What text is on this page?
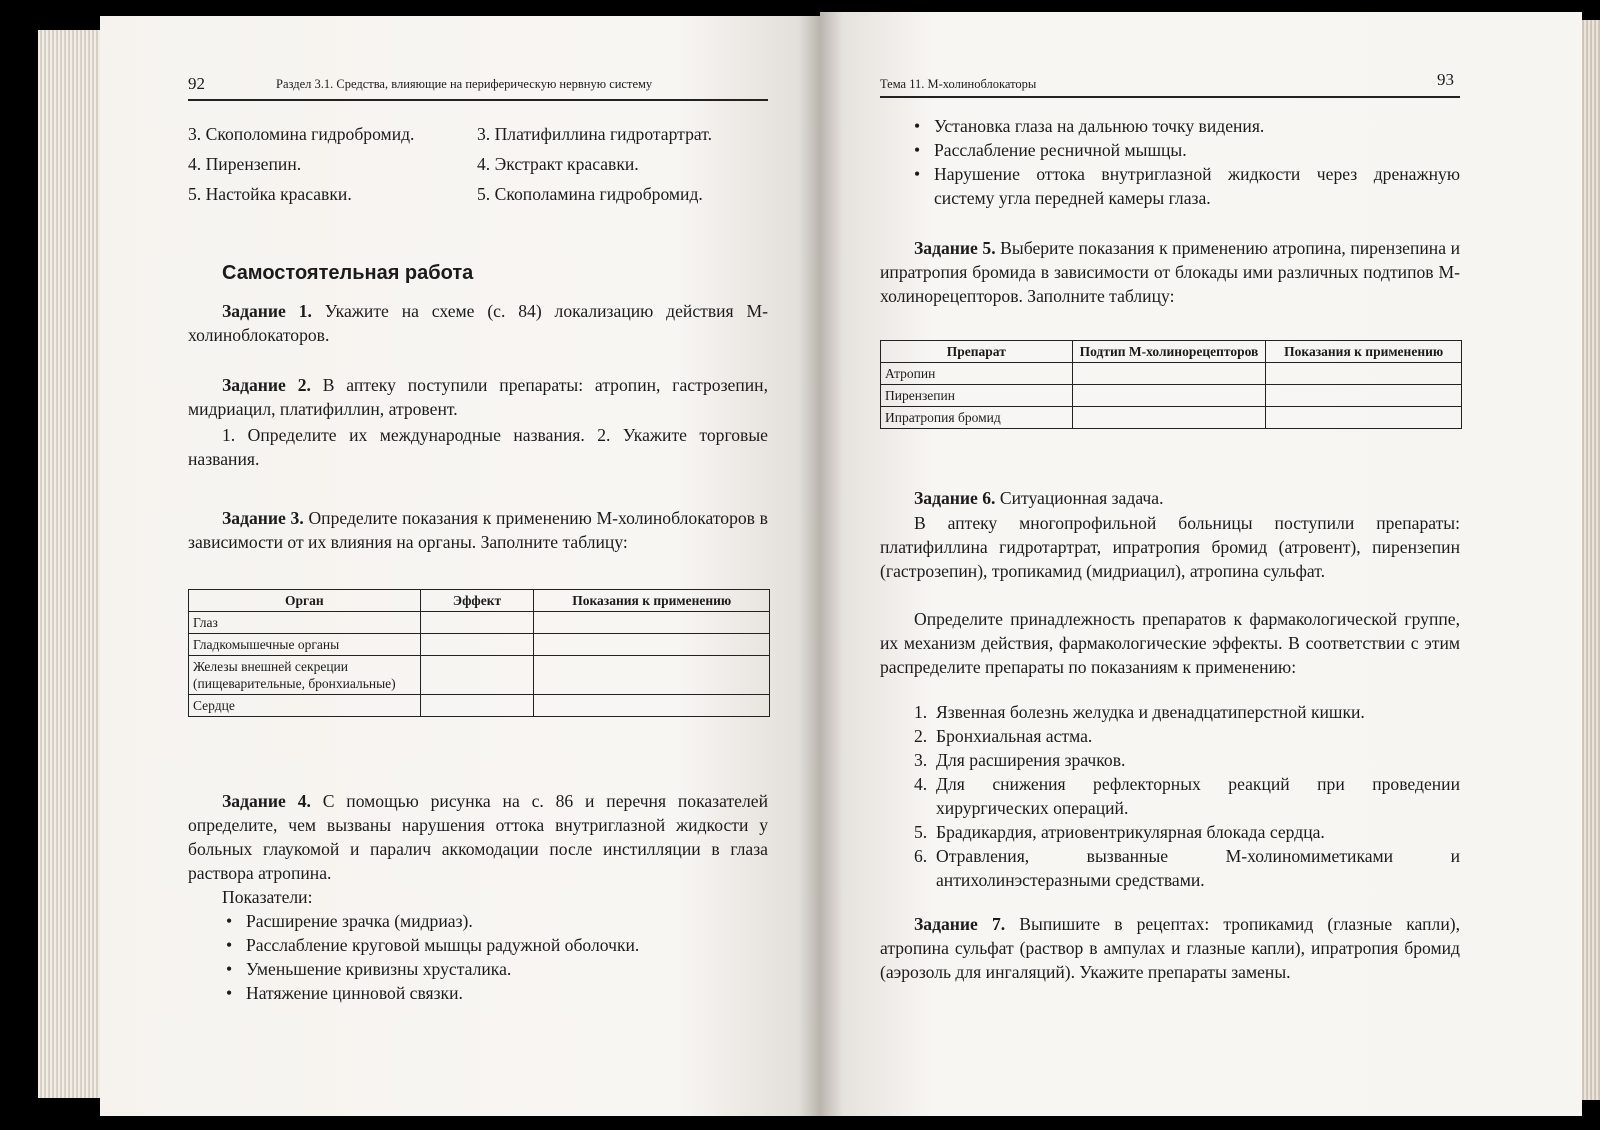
92	Раздел 3.1. Средства, влияющие на периферическую нервную систему
3. Скополомина гидробромид.	3. Платифиллина гидротартрат.
4. Пирензепин.	4. Экстракт красавки.
5. Настойка красавки.	5. Скополамина гидробромид.
Самостоятельная работа

Задание 1. Укажите на схеме (с. 84) локализацию действия М-холиноблокаторов.

Задание 2. В аптеку поступили препараты: атропин, гастрозепин, мидриацил, платифиллин, атровент.

1. Определите их международные названия. 2. Укажите торговые названия.

Задание 3. Определите показания к применению М-холиноблокаторов в зависимости от их влияния на органы. Заполните таблицу:

Орган	Эффект	Показания к применению
Глаз		
Гладкомышечные органы		
Железы внешней секреции (пищеварительные, бронхиальные)		
Сердце		

Задание 4. С помощью рисунка на с. 86 и перечня показателей определите, чем вызваны нарушения оттока внутриглазной жидкости у больных глаукомой и паралич аккомодации после инстилляции в глаза раствора атропина.

Показатели:
• Расширение зрачка (мидриаз).
• Расслабление круговой мышцы радужной оболочки.
• Уменьшение кривизны хрусталика.
• Натяжение цинновой связки.
Тема 11. М-холиноблокаторы	93
• Установка глаза на дальнюю точку видения.
• Расслабление ресничной мышцы.
• Нарушение оттока внутриглазной жидкости через дренажную систему угла передней камеры глаза.

Задание 5. Выберите показания к применению атропина, пирензепина и ипратропия бромида в зависимости от блокады ими различных подтипов М-холинорецепторов. Заполните таблицу:

Препарат	Подтип М-холинорецепторов	Показания к применению
Атропин		
Пирензепин		
Ипратропия бромид		

Задание 6. Ситуационная задача.

В аптеку многопрофильной больницы поступили препараты: платифиллина гидротартрат, ипратропия бромид (атровент), пирензепин (гастрозепин), тропикамид (мидриацил), атропина сульфат.

Определите принадлежность препаратов к фармакологической группе, их механизм действия, фармакологические эффекты. В соответствии с этим распределите препараты по показаниям к применению:

1. Язвенная болезнь желудка и двенадцатиперстной кишки.
2. Бронхиальная астма.
3. Для расширения зрачков.
4. Для снижения рефлекторных реакций при проведении хирургических операций.
5. Брадикардия, атриовентрикулярная блокада сердца.
6. Отравления, вызванные М-холиномиметиками и антихолинэстеразными средствами.

Задание 7. Выпишите в рецептах: тропикамид (глазные капли), атропина сульфат (раствор в ампулах и глазные капли), ипратропия бромид (аэрозоль для ингаляций). Укажите препараты замены.
